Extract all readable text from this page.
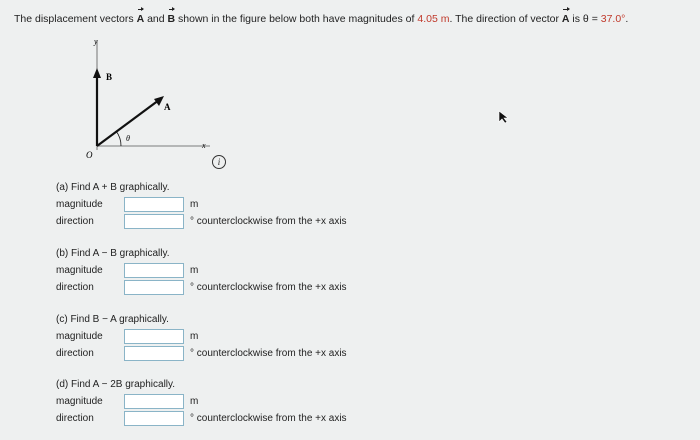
The displacement vectors A and B shown in the figure below both have magnitudes of 4.05 m. The direction of vector A is θ = 37.0°.
y
x
O
B
A
θ
i
(a) Find A + B graphically.
magnitude	m
direction	° counterclockwise from the +x axis
(b) Find A − B graphically.
magnitude	m
direction	° counterclockwise from the +x axis
(c) Find B − A graphically.
magnitude	m
direction	° counterclockwise from the +x axis
(d) Find A − 2B graphically.
magnitude	m
direction	° counterclockwise from the +x axis
